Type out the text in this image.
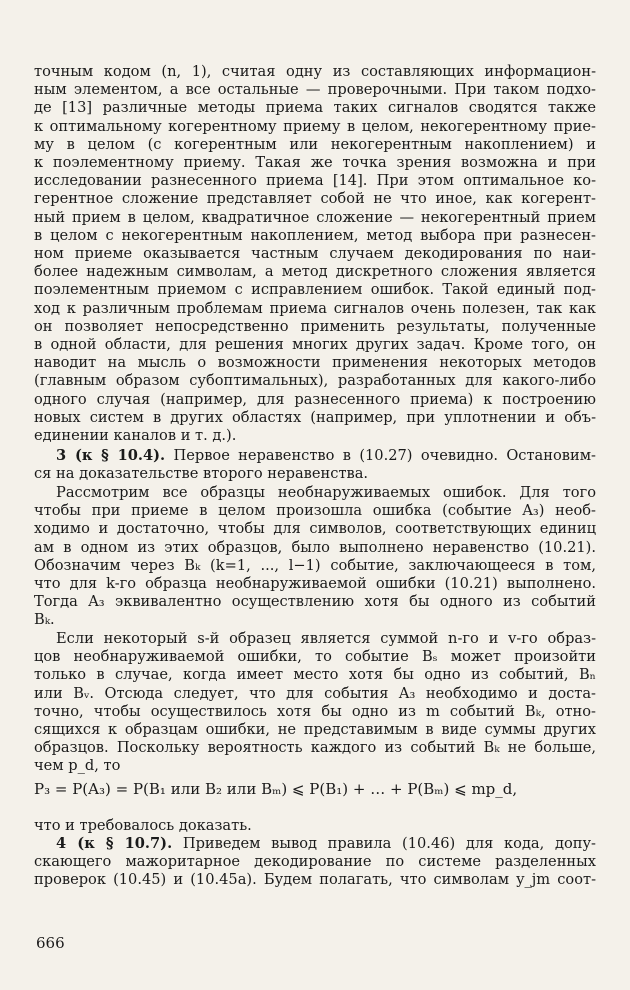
точным кодом (n, 1), считая одну из составляющих информацион-
ным элементом, а все остальные — проверочными. При таком подхо-
де [13] различные методы приема таких сигналов сводятся также
к оптимальному когерентному приему в целом, некогерентному прие-
му в целом (с когерентным или некогерентным накоплением) и
к поэлементному приему. Такая же точка зрения возможна и при
исследовании разнесенного приема [14]. При этом оптимальное ко-
герентное сложение представляет собой не что иное, как когерент-
ный прием в целом, квадратичное сложение — некогерентный прием
в целом с некогерентным накоплением, метод выбора при разнесен-
ном приеме оказывается частным случаем декодирования по наи-
более надежным символам, а метод дискретного сложения является
поэлементным приемом с исправлением ошибок. Такой единый под-
ход к различным проблемам приема сигналов очень полезен, так как
он позволяет непосредственно применить результаты, полученные
в одной области, для решения многих других задач. Кроме того, он
наводит на мысль о возможности применения некоторых методов
(главным образом субоптимальных), разработанных для какого-либо
одного случая (например, для разнесенного приема) к построению
новых систем в других областях (например, при уплотнении и объ-
единении каналов и т. д.).
3 (к § 10.4). Первое неравенство в (10.27) очевидно. Остановим-
ся на доказательстве второго неравенства.
Рассмотрим все образцы необнаруживаемых ошибок. Для того
чтобы при приеме в целом произошла ошибка (событие A₃) необ-
ходимо и достаточно, чтобы для символов, соответствующих единиц
ам в одном из этих образцов, было выполнено неравенство (10.21).
Обозначим через Bₖ (k=1, ..., l−1) событие, заключающееся в том,
что для k-го образца необнаруживаемой ошибки (10.21) выполнено.
Тогда A₃ эквивалентно осуществлению хотя бы одного из событий
Bₖ.
Если некоторый s-й образец является суммой n-го и v-го образ-
цов необнаруживаемой ошибки, то событие Bₛ может произойти
только в случае, когда имеет место хотя бы одно из событий, Bₙ
или Bᵥ. Отсюда следует, что для события A₃ необходимо и доста-
точно, чтобы осуществилось хотя бы одно из m событий Bₖ, отно-
сящихся к образцам ошибки, не представимым в виде суммы других
образцов. Поскольку вероятность каждого из событий Bₖ не больше,
чем p_d, то
P₃ = P(A₃) = P(B₁ или B₂ или Bₘ) ⩽ P(B₁) + … + P(Bₘ) ⩽ mp_d,
что и требовалось доказать.
4 (к § 10.7). Приведем вывод правила (10.46) для кода, допу-
скающего мажоритарное декодирование по системе разделенных
проверок (10.45) и (10.45а). Будем полагать, что символам y_jm соот-
666
